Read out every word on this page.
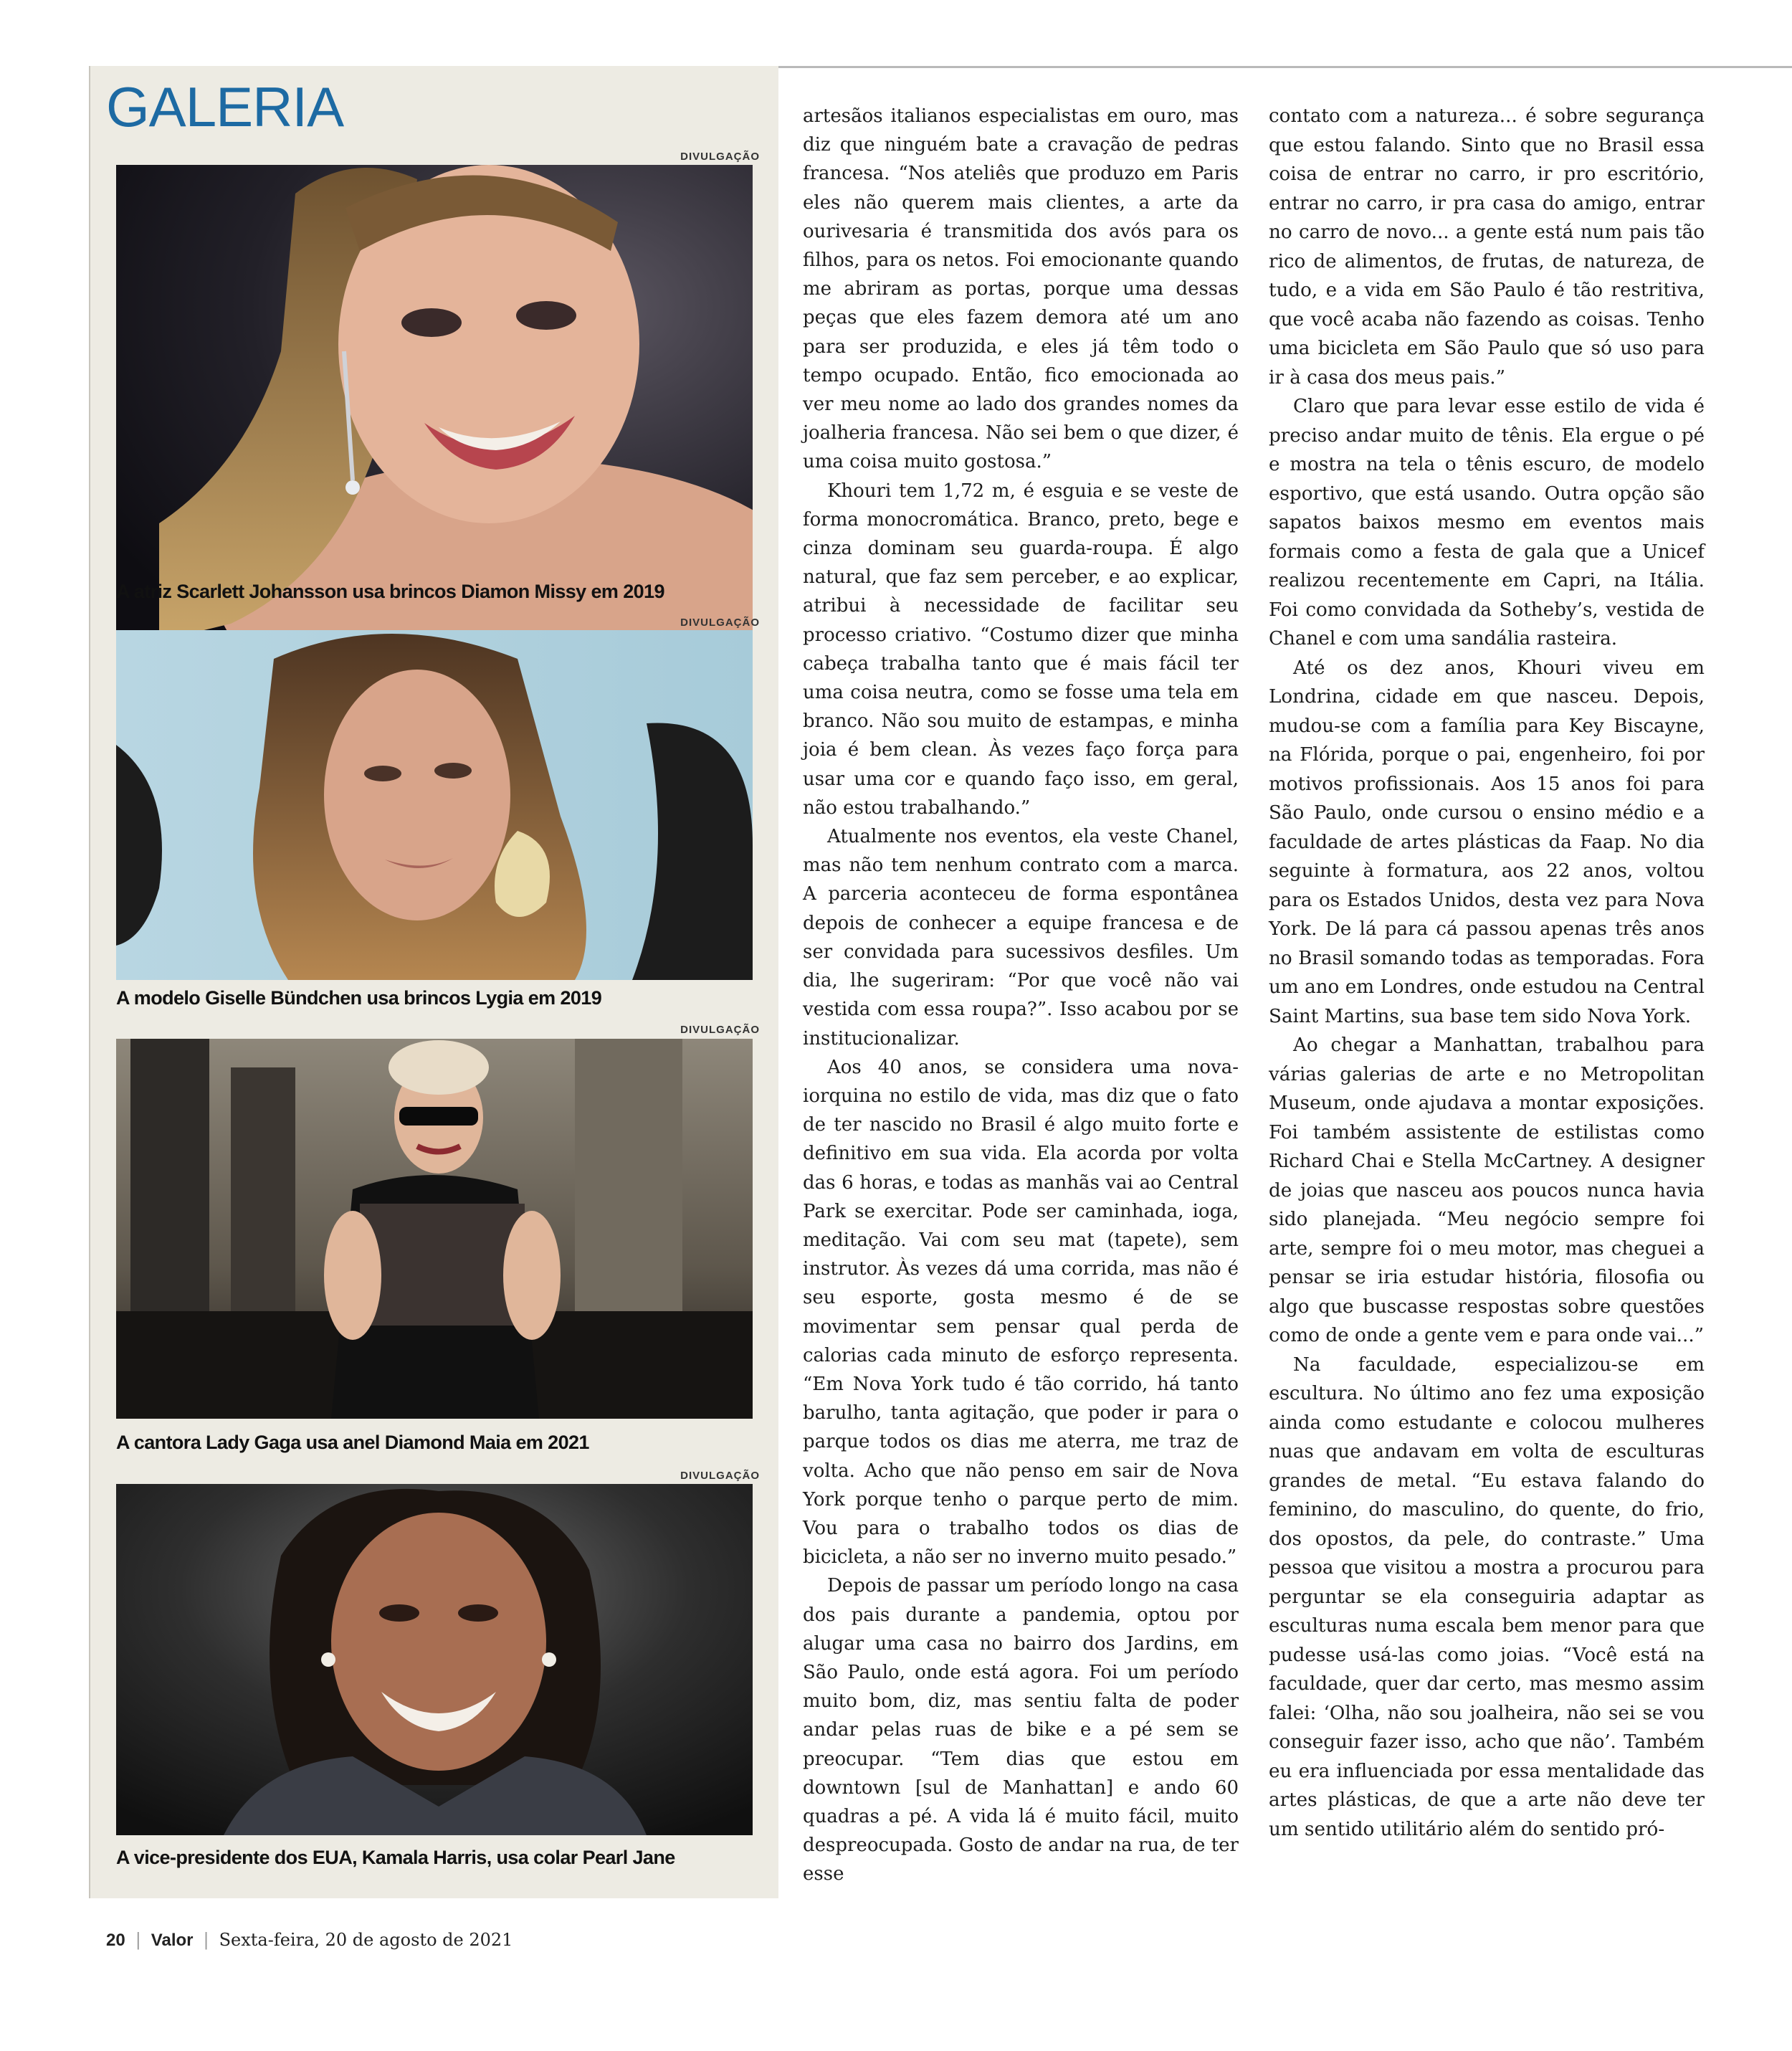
GALERIA
DIVULGAÇÃO

A atriz Scarlett Johansson usa brincos Diamon Missy em 2019

DIVULGAÇÃO

A modelo Giselle Bündchen usa brincos Lygia em 2019

DIVULGAÇÃO

A cantora Lady Gaga usa anel Diamond Maia em 2021

DIVULGAÇÃO

A vice-presidente dos EUA, Kamala Harris, usa colar Pearl Jane

artesãos italianos especialistas em ouro, mas diz que ninguém bate a cravação de pedras francesa. “Nos ateliês que produzo em Paris eles não querem mais clientes, a arte da ourivesaria é transmitida dos avós para os filhos, para os netos. Foi emocionante quando me abriram as portas, porque uma dessas peças que eles fazem demora até um ano para ser produzida, e eles já têm todo o tempo ocupado. Então, fico emocionada ao ver meu nome ao lado dos grandes nomes da joalheria francesa. Não sei bem o que dizer, é uma coisa muito gostosa.”

Khouri tem 1,72 m, é esguia e se veste de forma monocromática. Branco, preto, bege e cinza dominam seu guarda-roupa. É algo natural, que faz sem perceber, e ao explicar, atribui à necessidade de facilitar seu processo criativo. “Costumo dizer que minha cabeça trabalha tanto que é mais fácil ter uma coisa neutra, como se fosse uma tela em branco. Não sou muito de estampas, e minha joia é bem clean. Às vezes faço força para usar uma cor e quando faço isso, em geral, não estou trabalhando.”

Atualmente nos eventos, ela veste Chanel, mas não tem nenhum contrato com a marca. A parceria aconteceu de forma espontânea depois de conhecer a equipe francesa e de ser convidada para sucessivos desfiles. Um dia, lhe sugeriram: “Por que você não vai vestida com essa roupa?”. Isso acabou por se institucionalizar.

Aos 40 anos, se considera uma nova-iorquina no estilo de vida, mas diz que o fato de ter nascido no Brasil é algo muito forte e definitivo em sua vida. Ela acorda por volta das 6 horas, e todas as manhãs vai ao Central Park se exercitar. Pode ser caminhada, ioga, meditação. Vai com seu mat (tapete), sem instrutor. Às vezes dá uma corrida, mas não é seu esporte, gosta mesmo é de se movimentar sem pensar qual perda de calorias cada minuto de esforço representa. “Em Nova York tudo é tão corrido, há tanto barulho, tanta agitação, que poder ir para o parque todos os dias me aterra, me traz de volta. Acho que não penso em sair de Nova York porque tenho o parque perto de mim. Vou para o trabalho todos os dias de bicicleta, a não ser no inverno muito pesado.”

Depois de passar um período longo na casa dos pais durante a pandemia, optou por alugar uma casa no bairro dos Jardins, em São Paulo, onde está agora. Foi um período muito bom, diz, mas sentiu falta de poder andar pelas ruas de bike e a pé sem se preocupar. “Tem dias que estou em downtown [sul de Manhattan] e ando 60 quadras a pé. A vida lá é muito fácil, muito despreocupada. Gosto de andar na rua, de ter esse

contato com a natureza... é sobre segurança que estou falando. Sinto que no Brasil essa coisa de entrar no carro, ir pro escritório, entrar no carro, ir pra casa do amigo, entrar no carro de novo... a gente está num pais tão rico de alimentos, de frutas, de natureza, de tudo, e a vida em São Paulo é tão restritiva, que você acaba não fazendo as coisas. Tenho uma bicicleta em São Paulo que só uso para ir à casa dos meus pais.”

Claro que para levar esse estilo de vida é preciso andar muito de tênis. Ela ergue o pé e mostra na tela o tênis escuro, de modelo esportivo, que está usando. Outra opção são sapatos baixos mesmo em eventos mais formais como a festa de gala que a Unicef realizou recentemente em Capri, na Itália. Foi como convidada da Sotheby’s, vestida de Chanel e com uma sandália rasteira.

Até os dez anos, Khouri viveu em Londrina, cidade em que nasceu. Depois, mudou-se com a família para Key Biscayne, na Flórida, porque o pai, engenheiro, foi por motivos profissionais. Aos 15 anos foi para São Paulo, onde cursou o ensino médio e a faculdade de artes plásticas da Faap. No dia seguinte à formatura, aos 22 anos, voltou para os Estados Unidos, desta vez para Nova York. De lá para cá passou apenas três anos no Brasil somando todas as temporadas. Fora um ano em Londres, onde estudou na Central Saint Martins, sua base tem sido Nova York.

Ao chegar a Manhattan, trabalhou para várias galerias de arte e no Metropolitan Museum, onde ajudava a montar exposições. Foi também assistente de estilistas como Richard Chai e Stella McCartney. A designer de joias que nasceu aos poucos nunca havia sido planejada. “Meu negócio sempre foi arte, sempre foi o meu motor, mas cheguei a pensar se iria estudar história, filosofia ou algo que buscasse respostas sobre questões como de onde a gente vem e para onde vai...”

Na faculdade, especializou-se em escultura. No último ano fez uma exposição ainda como estudante e colocou mulheres nuas que andavam em volta de esculturas grandes de metal. “Eu estava falando do feminino, do masculino, do quente, do frio, dos opostos, da pele, do contraste.” Uma pessoa que visitou a mostra a procurou para perguntar se ela conseguiria adaptar as esculturas numa escala bem menor para que pudesse usá-las como joias. “Você está na faculdade, quer dar certo, mas mesmo assim falei: ‘Olha, não sou joalheira, não sei se vou conseguir fazer isso, acho que não’. Também eu era influenciada por essa mentalidade das artes plásticas, de que a arte não deve ter um sentido utilitário além do sentido pró-

20 | Valor | Sexta-feira, 20 de agosto de 2021
